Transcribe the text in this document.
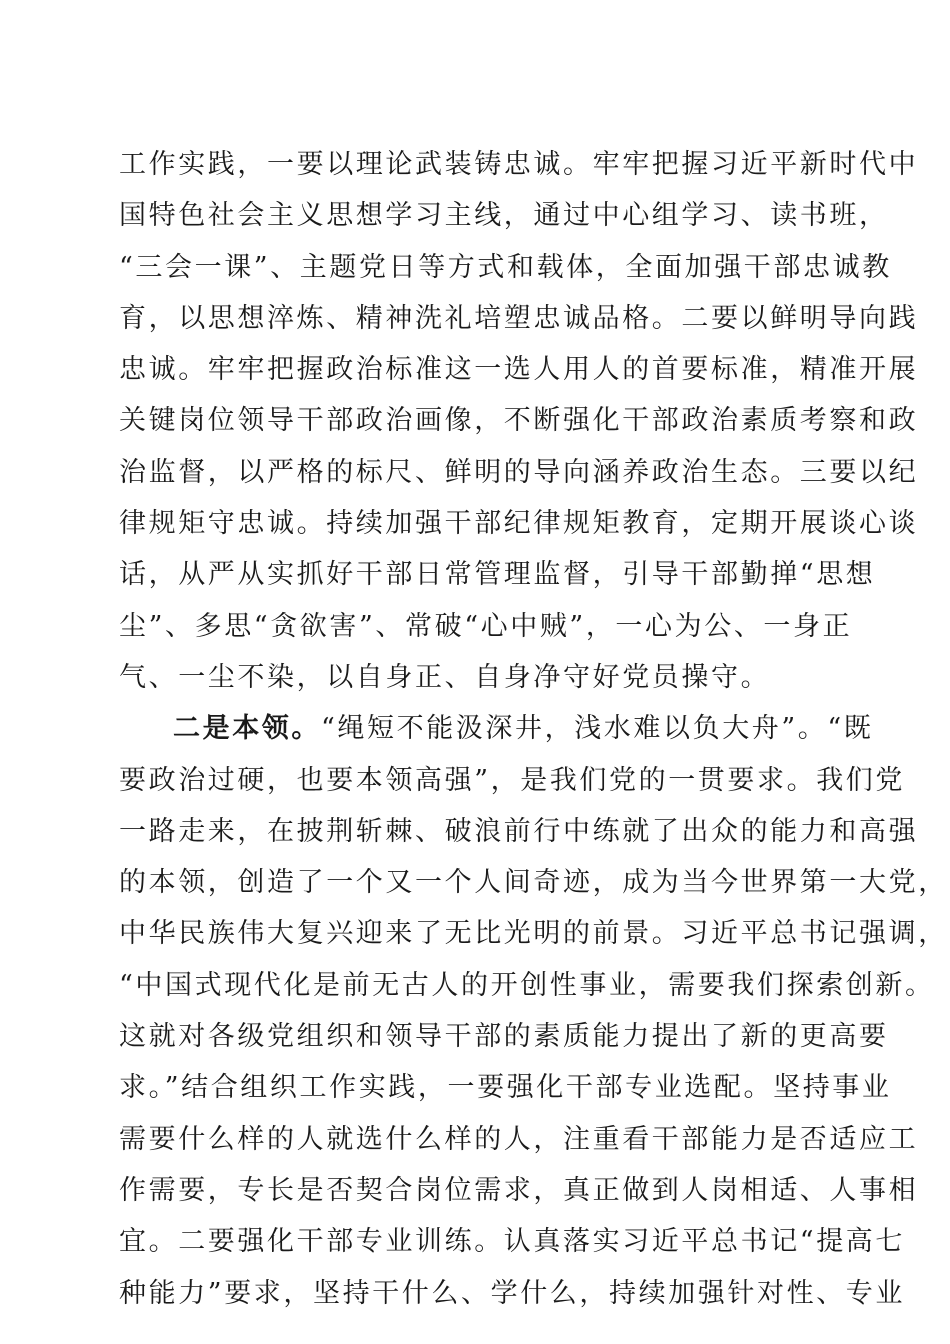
工作实践，一要以理论武装铸忠诚。牢牢把握习近平新时代中
国特色社会主义思想学习主线，通过中心组学习、读书班，
“三会一课”、主题党日等方式和载体，全面加强干部忠诚教
育，以思想淬炼、精神洗礼培塑忠诚品格。二要以鲜明导向践
忠诚。牢牢把握政治标准这一选人用人的首要标准，精准开展
关键岗位领导干部政治画像，不断强化干部政治素质考察和政
治监督，以严格的标尺、鲜明的导向涵养政治生态。三要以纪
律规矩守忠诚。持续加强干部纪律规矩教育，定期开展谈心谈
话，从严从实抓好干部日常管理监督，引导干部勤掸“思想
尘”、多思“贪欲害”、常破“心中贼”，一心为公、一身正
气、一尘不染，以自身正、自身净守好党员操守。
二是本领。“绳短不能汲深井，浅水难以负大舟”。“既
要政治过硬，也要本领高强”，是我们党的一贯要求。我们党
一路走来，在披荆斩棘、破浪前行中练就了出众的能力和高强
的本领，创造了一个又一个人间奇迹，成为当今世界第一大党，
中华民族伟大复兴迎来了无比光明的前景。习近平总书记强调，
“中国式现代化是前无古人的开创性事业，需要我们探索创新。
这就对各级党组织和领导干部的素质能力提出了新的更高要
求。”结合组织工作实践，一要强化干部专业选配。坚持事业
需要什么样的人就选什么样的人，注重看干部能力是否适应工
作需要，专长是否契合岗位需求，真正做到人岗相适、人事相
宜。二要强化干部专业训练。认真落实习近平总书记“提高七
种能力”要求，坚持干什么、学什么，持续加强针对性、专业
